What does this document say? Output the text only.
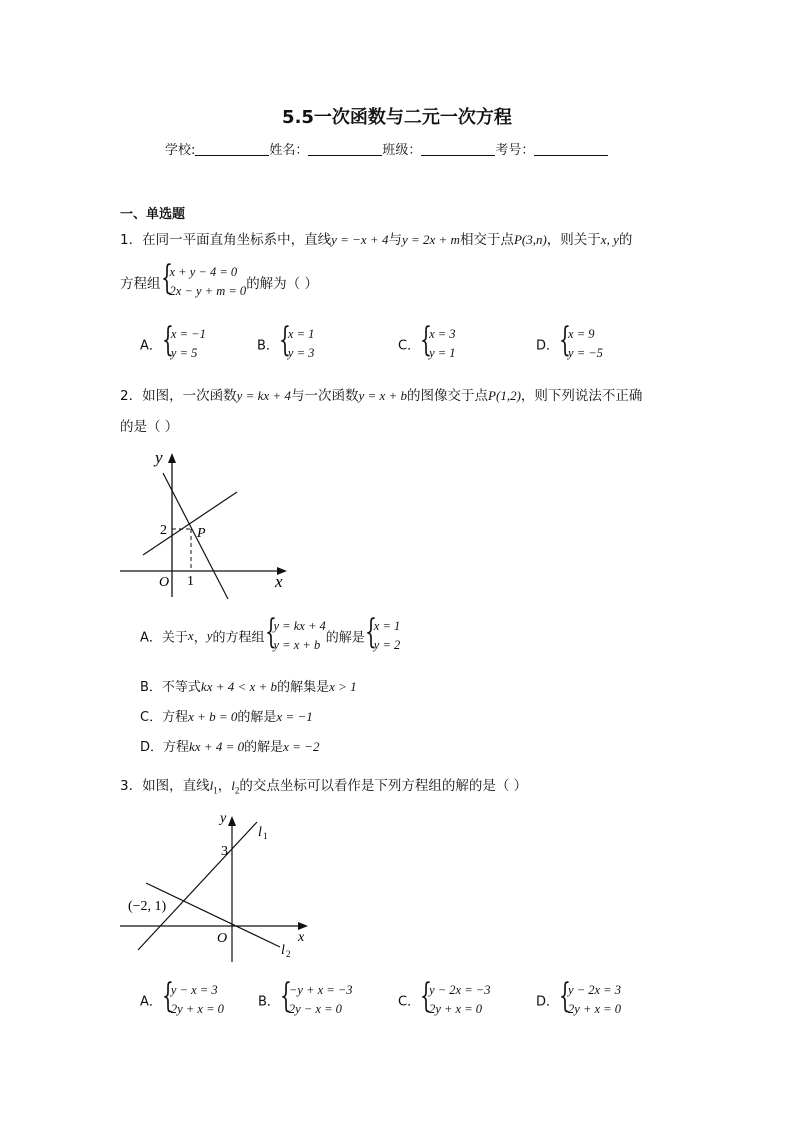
5.5一次函数与二元一次方程
学校:	姓名：	班级：	考号：
一、单选题
1．在同一平面直角坐标系中，直线y = −x + 4与y = 2x + m相交于点P(3,n)，则关于x, y的
方程组 {
x + y − 4 = 0
2x − y + m = 0 的解为（ ）
A． {
x = −1
y = 5	B． {
x = 1
y = 3	C． {
x = 3
y = 1	D． {
x = 9
y = −5
2．如图，一次函数y = kx + 4与一次函数y = x + b的图像交于点P(1,2)，则下列说法不正确
的是（ ）
y
x
O
2
1
P
A．关于x，y的方程组 {
y = kx + 4
y = x + b 的解是 {
x = 1
y = 2
B．不等式kx + 4 < x + b的解集是x > 1
C．方程x + b = 0的解是x = −1
D．方程kx + 4 = 0的解是x = −2
3．如图，直线$l_1$，$l_2$的交点坐标可以看作是下列方程组的解的是（ ）
y
x
O
3
(−2, 1)
l 1
l 2
A． {
y − x = 3
2y + x = 0	B． {
−y + x = −3
2y − x = 0	C． {
y − 2x = −3
2y + x = 0	D． {
y − 2x = 3
2y + x = 0
